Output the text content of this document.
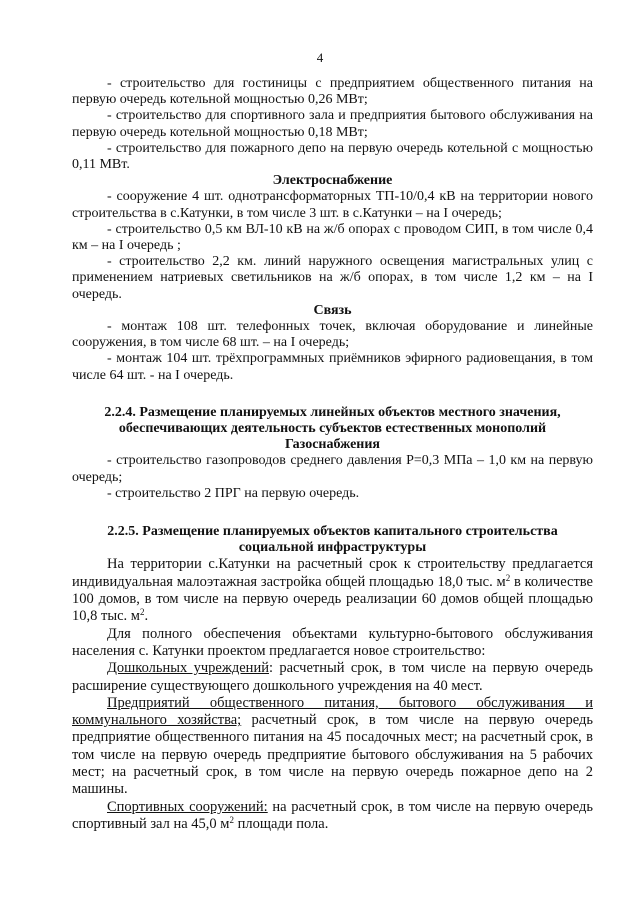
4

- строительство для гостиницы с предприятием общественного питания на первую очередь котельной мощностью 0,26 МВт;

- строительство для спортивного зала и предприятия бытового обслуживания на первую очередь котельной мощностью 0,18 МВт;

- строительство для пожарного депо на первую очередь котельной с мощностью 0,11 МВт.

Электроснабжение

- сооружение 4 шт. однотрансформаторных ТП-10/0,4 кВ на территории нового строительства в с.Катунки, в том числе 3 шт. в с.Катунки – на I очередь;

- строительство 0,5 км ВЛ-10 кВ на ж/б опорах с проводом СИП, в том числе 0,4 км – на I очередь ;

- строительство 2,2 км. линий наружного освещения магистральных улиц с применением натриевых светильников на ж/б опорах, в том числе 1,2 км – на I очередь.

Связь

- монтаж 108 шт. телефонных точек, включая оборудование и линейные сооружения, в том числе 68 шт. – на I очередь;

- монтаж 104 шт. трёхпрограммных приёмников эфирного радиовещания, в том числе 64 шт. - на I очередь.

2.2.4. Размещение планируемых линейных объектов местного значения, обеспечивающих деятельность субъектов естественных монополий
Газоснабжения

- строительство газопроводов среднего давления Р=0,3 МПа – 1,0 км на первую очередь;

- строительство 2 ПРГ на первую очередь.

2.2.5. Размещение планируемых объектов капитального строительства социальной инфраструктуры

На территории с.Катунки на расчетный срок к строительству предлагается индивидуальная малоэтажная застройка общей площадью 18,0 тыс. $м^2$ в количестве 100 домов, в том числе на первую очередь реализации 60 домов общей площадью 10,8 тыс. $м^2$.

Для полного обеспечения объектами культурно-бытового обслуживания населения с. Катунки проектом предлагается новое строительство:

Дошкольных учреждений: расчетный срок, в том числе на первую очередь расширение существующего дошкольного учреждения на 40 мест.

Предприятий общественного питания, бытового обслуживания и коммунального хозяйства; расчетный срок, в том числе на первую очередь предприятие общественного питания на 45 посадочных мест; на расчетный срок, в том числе на первую очередь предприятие бытового обслуживания на 5 рабочих мест; на расчетный срок, в том числе на первую очередь пожарное депо на 2 машины.

Спортивных сооружений: на расчетный срок, в том числе на первую очередь спортивный зал на 45,0 $м^2$ площади пола.
